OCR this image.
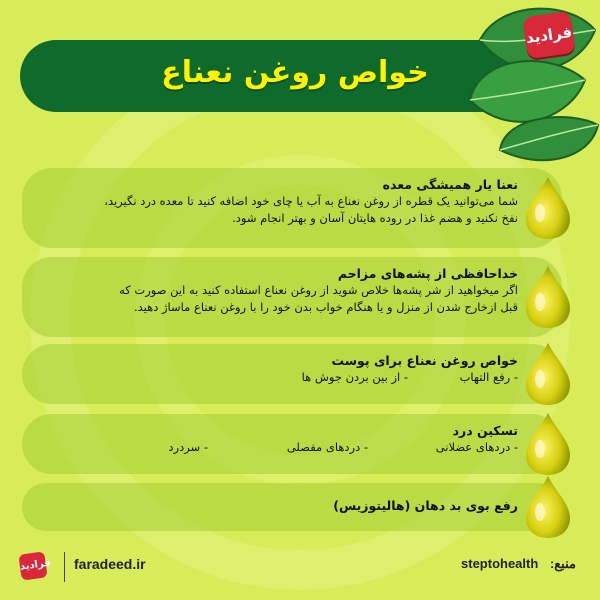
خواص روغن نعناع
فرادید
نعنا یار همیشگی معده
شما می‌توانید یک قطره از روغن نعناع به آب یا چای خود اضافه کنید تا معده درد نگیرید،
نفخ نکنید و هضم غذا در روده هایتان آسان و بهتر انجام شود.
خداحافظی از پشه‌های مزاحم
اگر میخواهید از شر پشه‌ها خلاص شوید از روغن نعناع استفاده کنید به این صورت که
قبل ازخارج شدن از منزل و یا هنگام خواب بدن خود را با روغن نعناع ماساژ دهید.
خواص روغن نعناع برای پوست
- رفع التهاب
- از بین بردن جوش ها
تسکین درد
- دردهای عضلانی
- دردهای مفصلی
- سردرد
رفع بوی بد دهان (هالیتوزیس)
فرادید faradeed.ir	منبع: steptohealth
